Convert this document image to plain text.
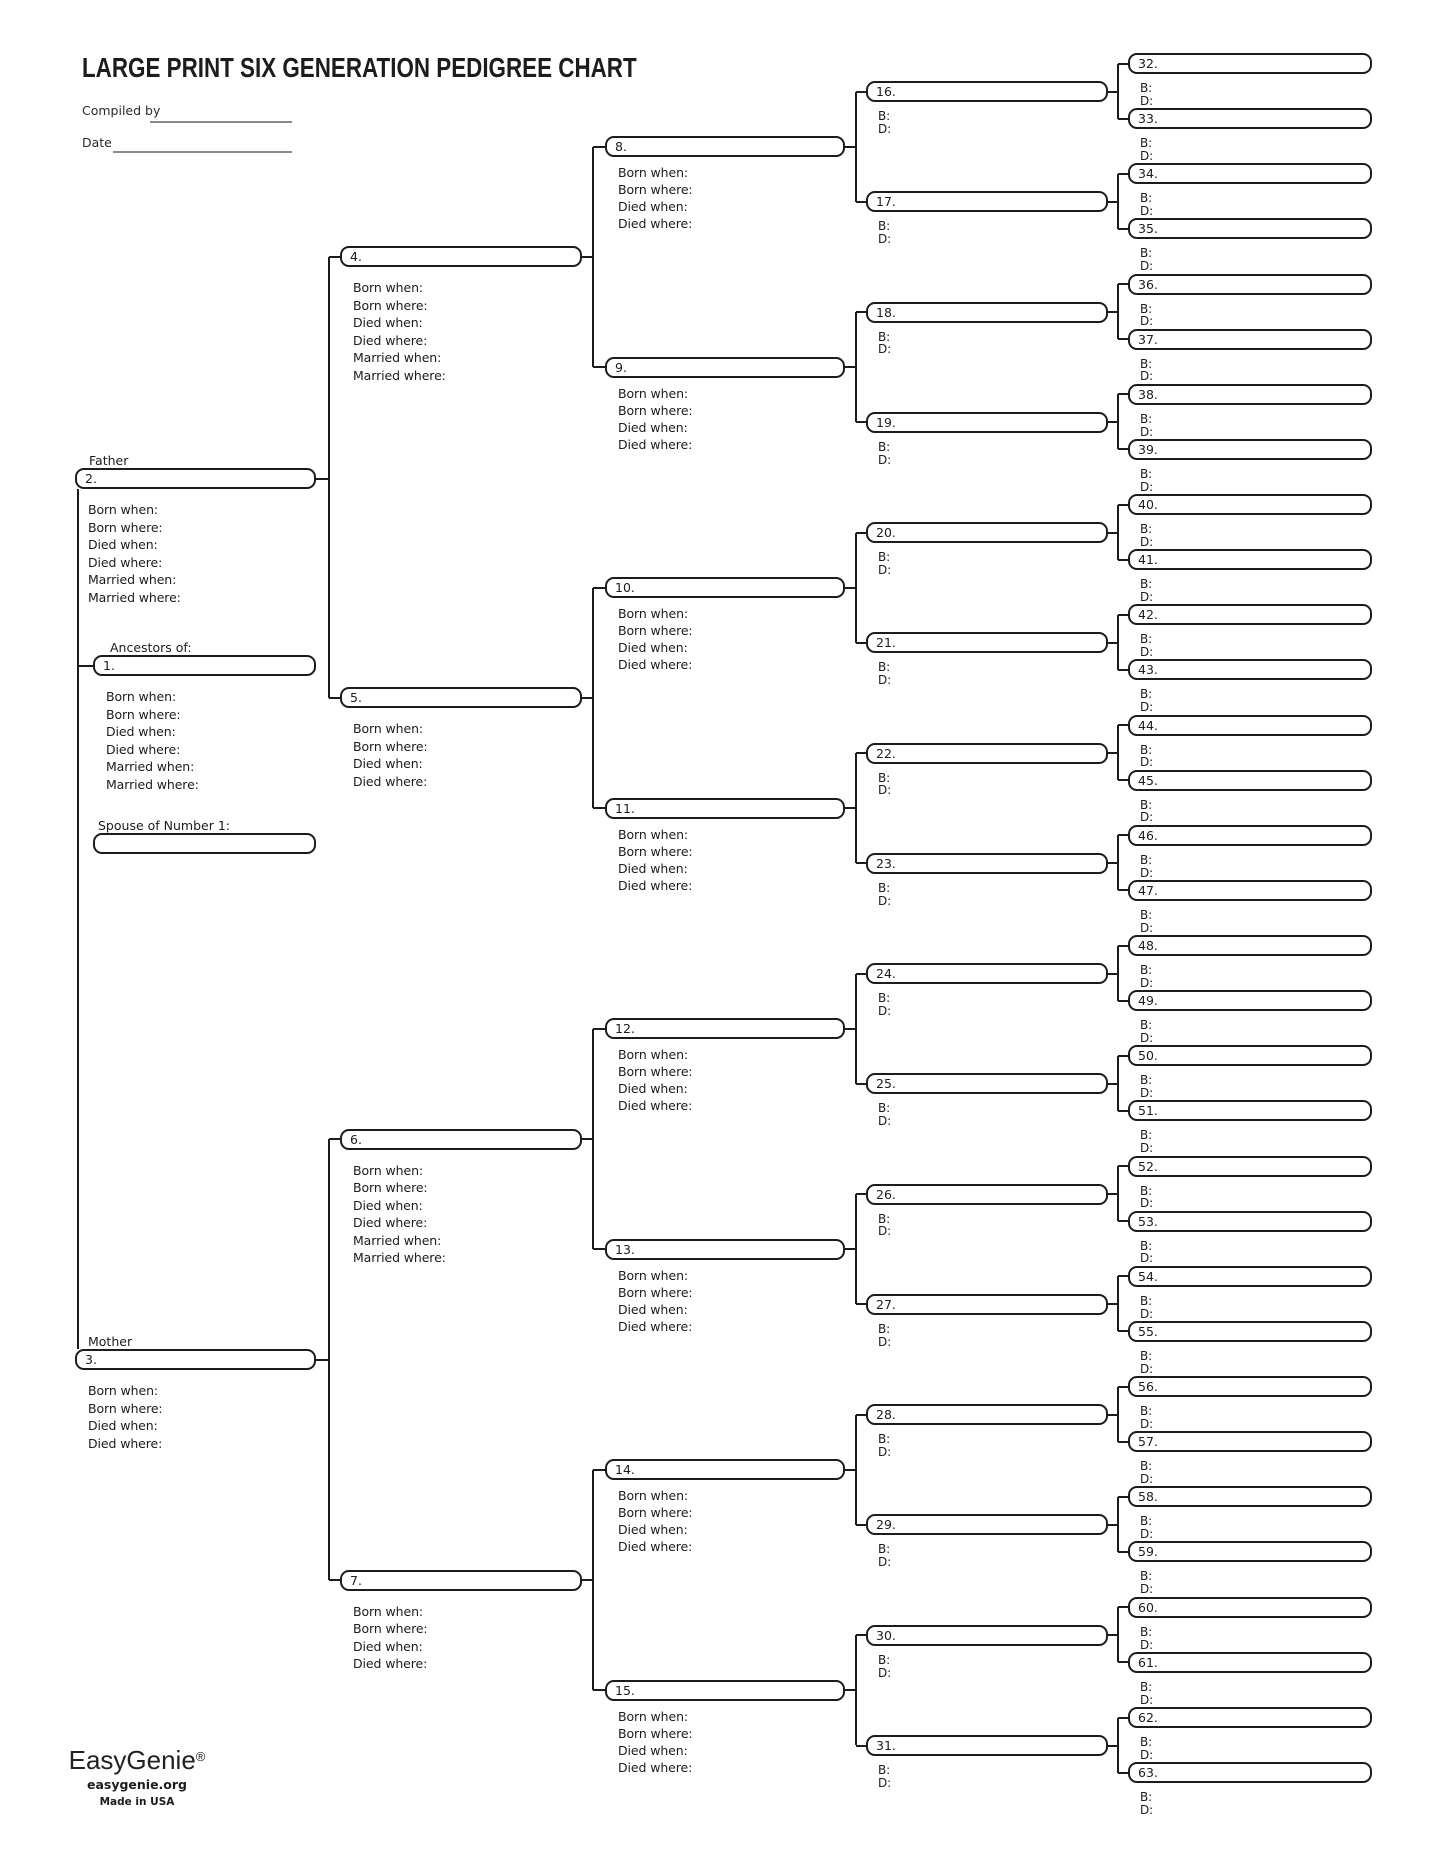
LARGE PRINT SIX GENERATION PEDIGREE CHART
Compiled by
Date
1.
Ancestors of:
Born when:
Born where:
Died when:
Died where:
Married when:
Married where:
2.
Father
Born when:
Born where:
Died when:
Died where:
Married when:
Married where:
3.
Mother
Born when:
Born where:
Died when:
Died where:
4.
Born when:
Born where:
Died when:
Died where:
Married when:
Married where:
5.
Born when:
Born where:
Died when:
Died where:
6.
Born when:
Born where:
Died when:
Died where:
Married when:
Married where:
7.
Born when:
Born where:
Died when:
Died where:
8.
Born when:
Born where:
Died when:
Died where:
9.
Born when:
Born where:
Died when:
Died where:
10.
Born when:
Born where:
Died when:
Died where:
11.
Born when:
Born where:
Died when:
Died where:
12.
Born when:
Born where:
Died when:
Died where:
13.
Born when:
Born where:
Died when:
Died where:
14.
Born when:
Born where:
Died when:
Died where:
15.
Born when:
Born where:
Died when:
Died where:
16.
B:
D:
17.
B:
D:
18.
B:
D:
19.
B:
D:
20.
B:
D:
21.
B:
D:
22.
B:
D:
23.
B:
D:
24.
B:
D:
25.
B:
D:
26.
B:
D:
27.
B:
D:
28.
B:
D:
29.
B:
D:
30.
B:
D:
31.
B:
D:
32.
B:
D:
33.
B:
D:
34.
B:
D:
35.
B:
D:
36.
B:
D:
37.
B:
D:
38.
B:
D:
39.
B:
D:
40.
B:
D:
41.
B:
D:
42.
B:
D:
43.
B:
D:
44.
B:
D:
45.
B:
D:
46.
B:
D:
47.
B:
D:
48.
B:
D:
49.
B:
D:
50.
B:
D:
51.
B:
D:
52.
B:
D:
53.
B:
D:
54.
B:
D:
55.
B:
D:
56.
B:
D:
57.
B:
D:
58.
B:
D:
59.
B:
D:
60.
B:
D:
61.
B:
D:
62.
B:
D:
63.
B:
D:
Spouse of Number 1:
EasyGenie®
easygenie.org
Made in USA
